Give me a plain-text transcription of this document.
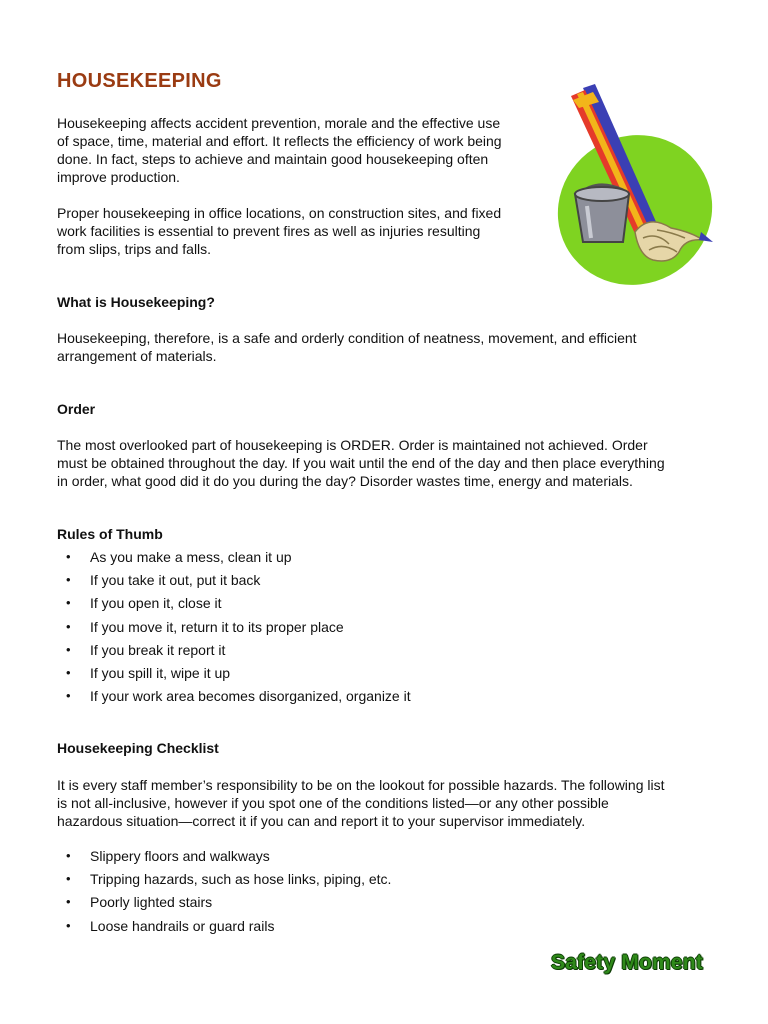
HOUSEKEEPING

Housekeeping affects accident prevention, morale and the effective use
of space, time, material and effort. It reflects the efficiency of work being
done. In fact, steps to achieve and maintain good housekeeping often
improve production.

Proper housekeeping in office locations, on construction sites, and fixed
work facilities is essential to prevent fires as well as injuries resulting
from slips, trips and falls.

What is Housekeeping?

Housekeeping, therefore, is a safe and orderly condition of neatness, movement, and efficient
arrangement of materials.

Order

The most overlooked part of housekeeping is ORDER. Order is maintained not achieved. Order
must be obtained throughout the day. If you wait until the end of the day and then place everything
in order, what good did it do you during the day? Disorder wastes time, energy and materials.

Rules of Thumb
• As you make a mess, clean it up
• If you take it out, put it back
• If you open it, close it
• If you move it, return it to its proper place
• If you break it report it
• If you spill it, wipe it up
• If your work area becomes disorganized, organize it
Housekeeping Checklist

It is every staff member’s responsibility to be on the lookout for possible hazards. The following list
is not all-inclusive, however if you spot one of the conditions listed—or any other possible
hazardous situation—correct it if you can and report it to your supervisor immediately.

• Slippery floors and walkways
• Tripping hazards, such as hose links, piping, etc.
• Poorly lighted stairs
• Loose handrails or guard rails
Safety Moment
